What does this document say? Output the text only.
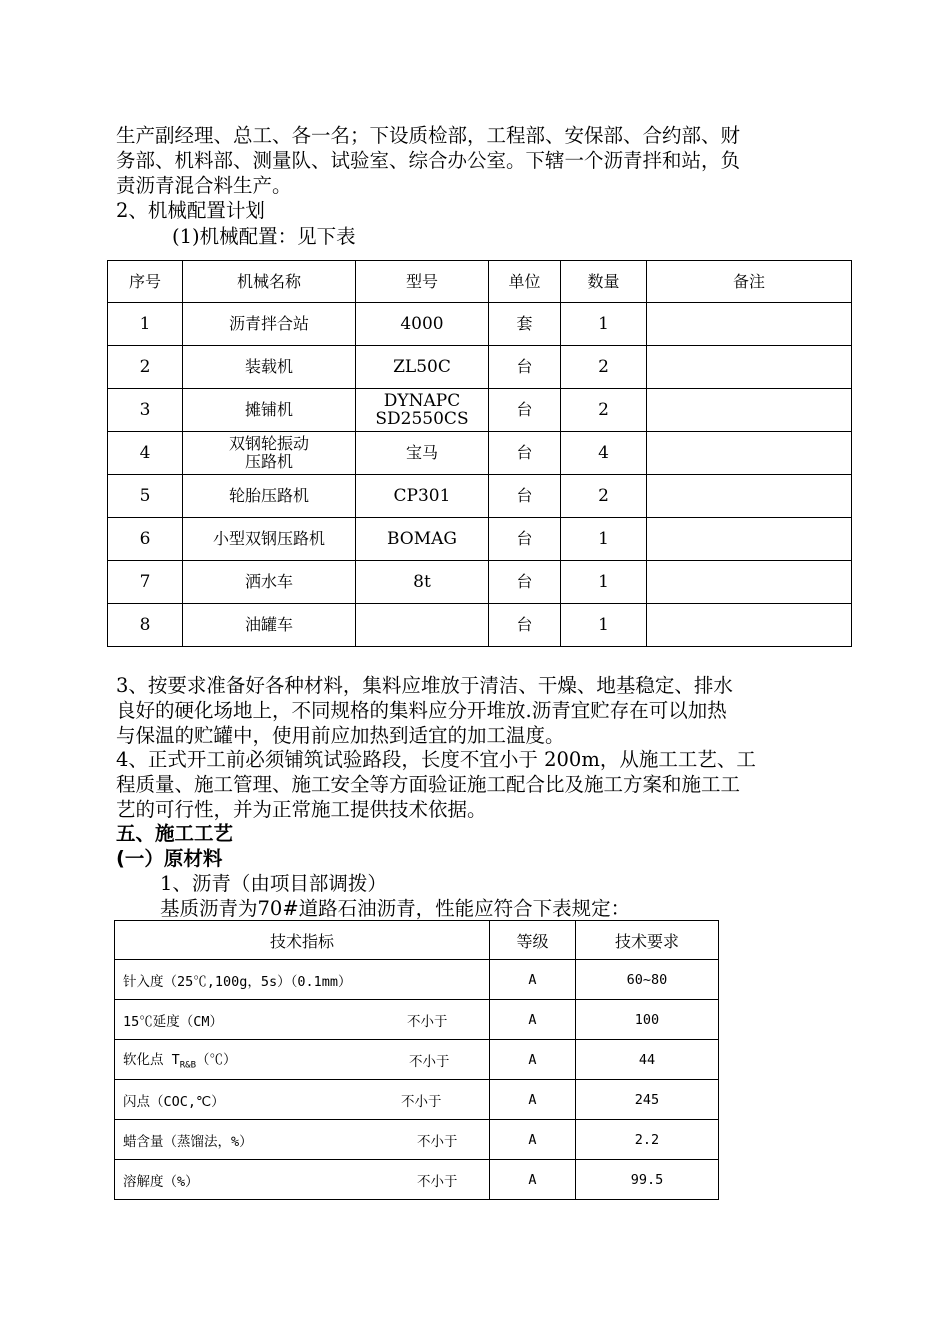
生产副经理、总工、各一名；下设质检部，工程部、安保部、合约部、财
务部、机料部、测量队、试验室、综合办公室。下辖一个沥青拌和站，负
责沥青混合料生产。
2、机械配置计划
(1)机械配置：见下表
序号	机械名称	型号	单位	数量	备注
1	沥青拌合站	4000	套	1	
2	装载机	ZL50C	台	2	
3	摊铺机	DYNAPC
SD2550CS	台	2	
4	双钢轮振动
压路机	宝马	台	4	
5	轮胎压路机	CP301	台	2	
6	小型双钢压路机	BOMAG	台	1	
7	洒水车	8t	台	1	
8	油罐车		台	1	
3、按要求准备好各种材料，集料应堆放于清洁、干燥、地基稳定、排水
良好的硬化场地上，不同规格的集料应分开堆放.沥青宜贮存在可以加热
与保温的贮罐中，使用前应加热到适宜的加工温度。
4、正式开工前必须铺筑试验路段，长度不宜小于 200m，从施工工艺、工
程质量、施工管理、施工安全等方面验证施工配合比及施工方案和施工工
艺的可行性，并为正常施工提供技术依据。
五、施工工艺
(一）原材料
1、沥青（由项目部调拨）
基质沥青为70#道路石油沥青，性能应符合下表规定：
技术指标	等级	技术要求
针入度（25℃,100g，5s）（0.1mm）	A	60~80
15℃延度（CM） 不小于	A	100
软化点 $T_{R\&B}(℃)$ 不小于	A	44
闪点（COC,℃） 不小于	A	245
蜡含量（蒸馏法，%） 不小于	A	2.2
溶解度（%） 不小于	A	99.5
